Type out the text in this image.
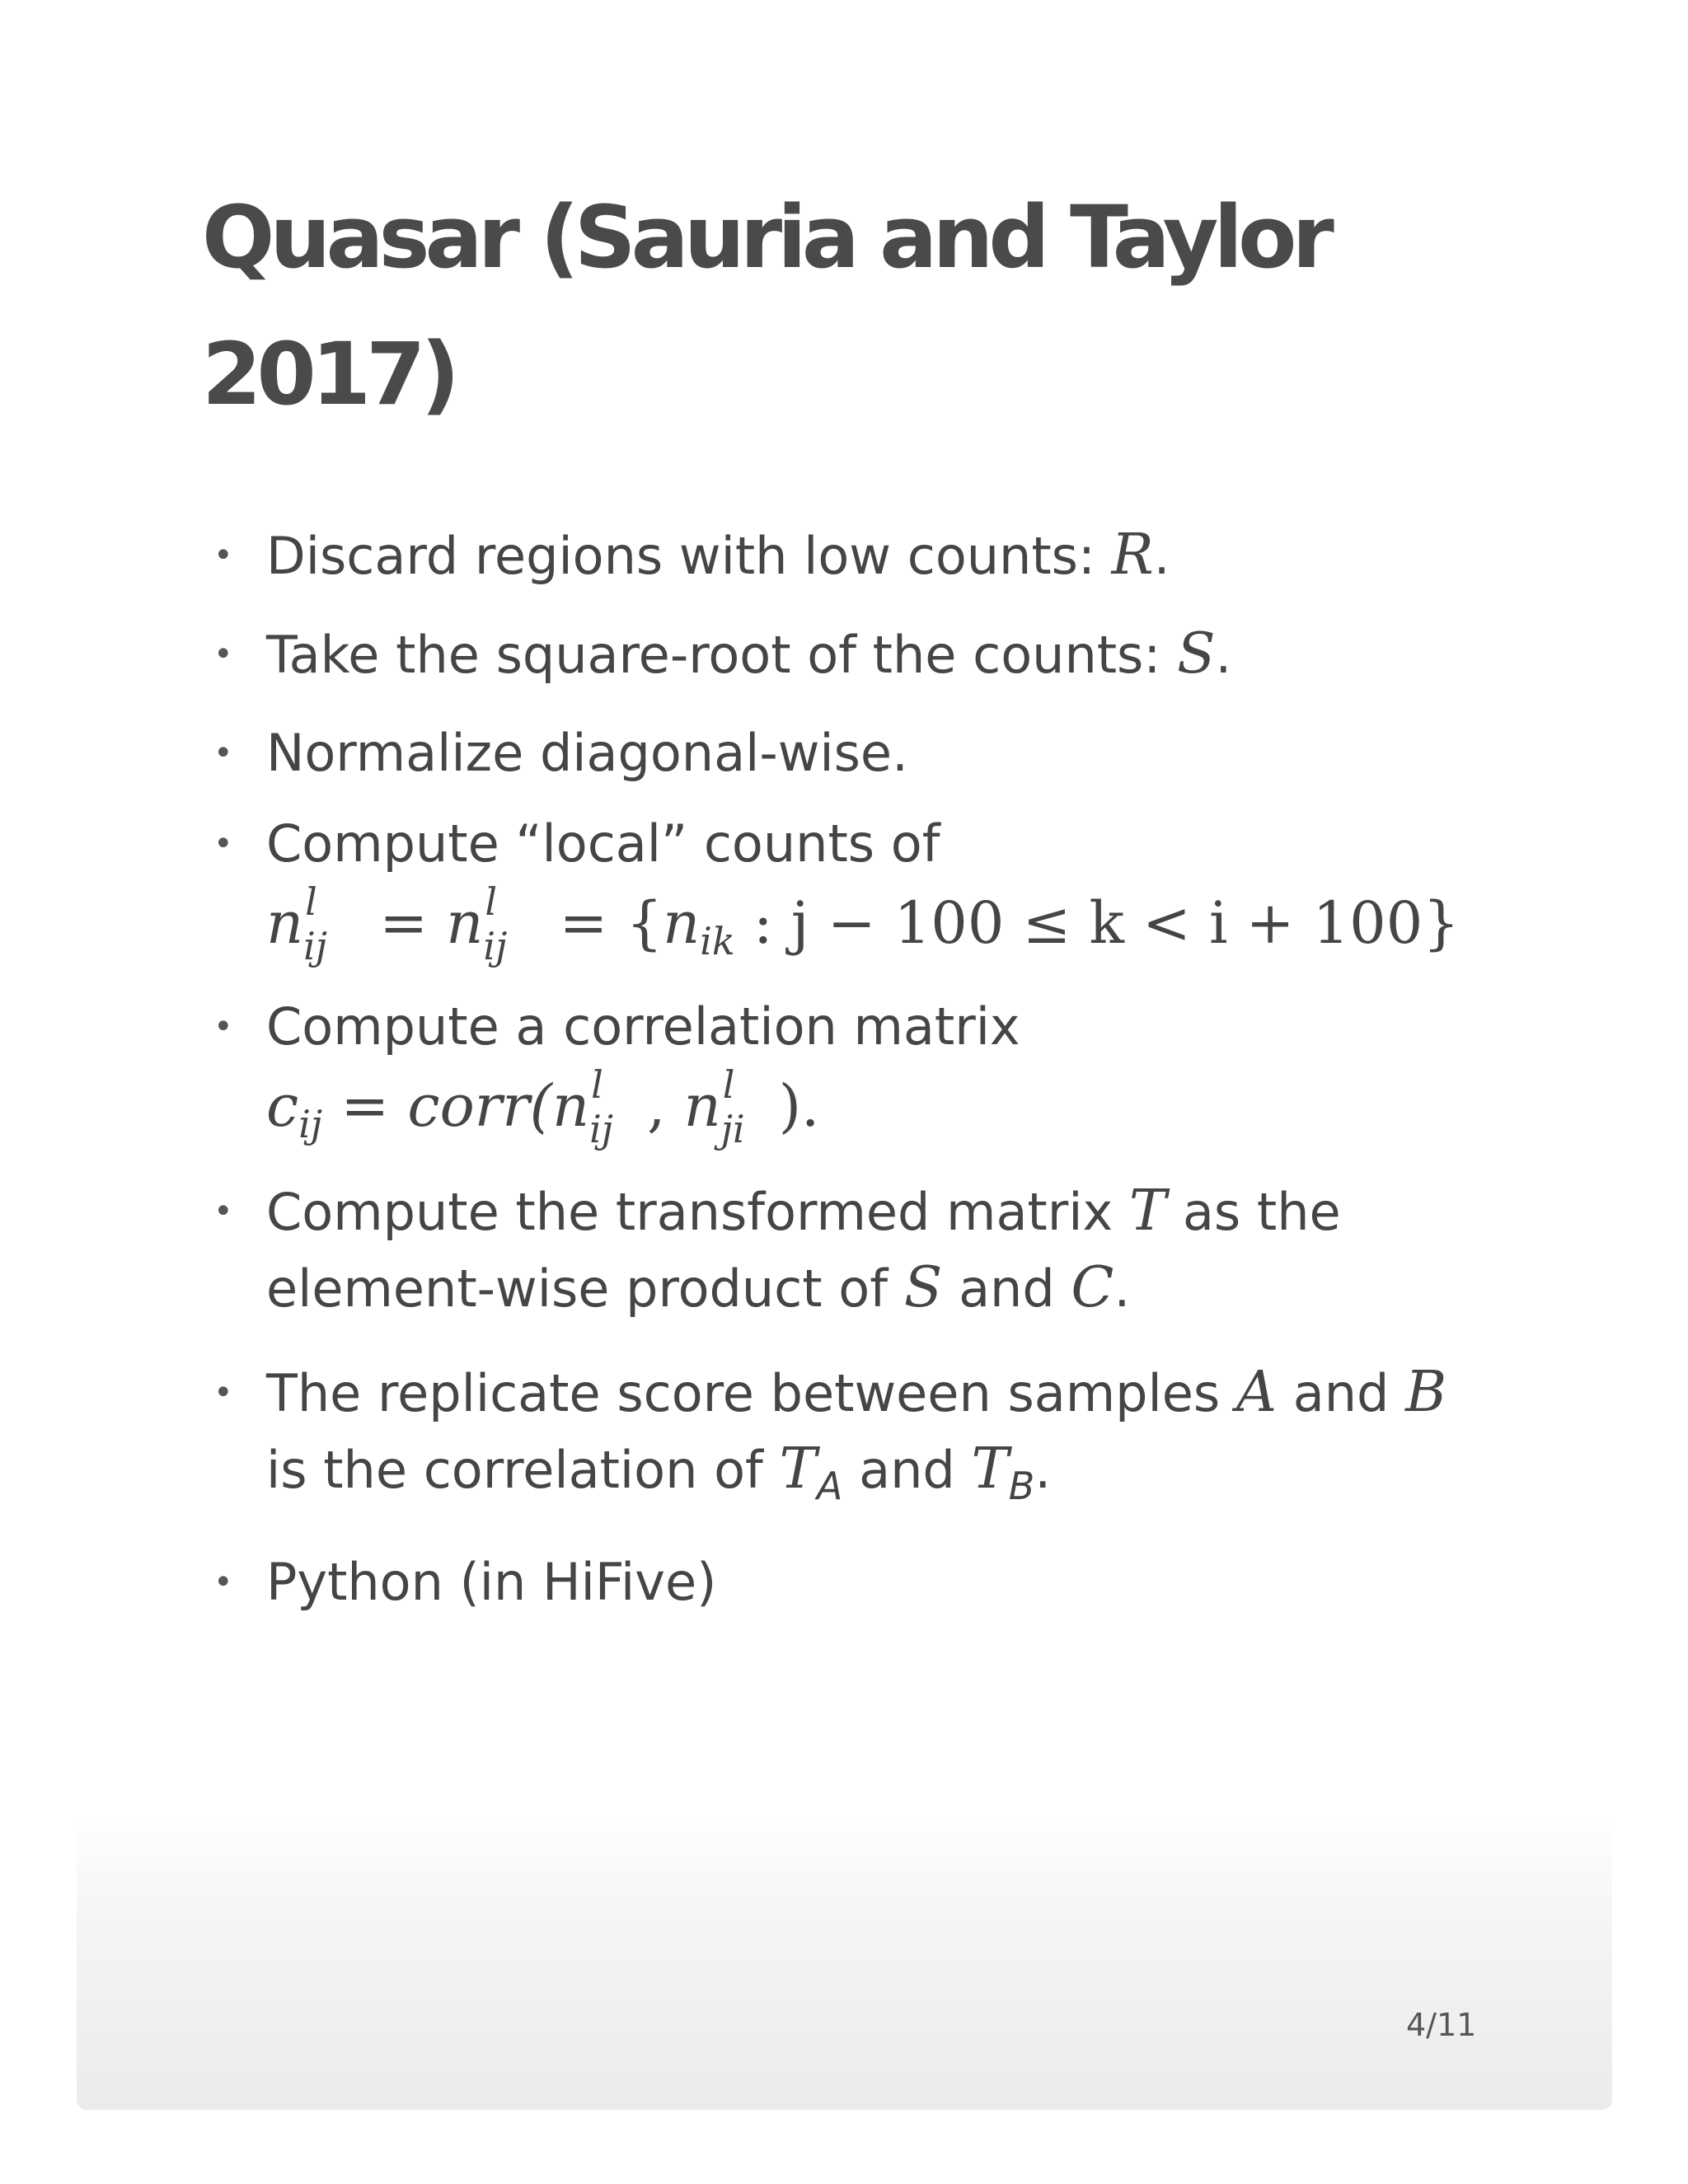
Quasar (Sauria and Taylor 2017)
• Discard regions with low counts: R.
• Take the square-root of the counts: S.
• Normalize diagonal-wise.
• Compute “local” counts of
n l
ij = n l
ij = {$n_{ik}$ : j − 100 ≤ k < i + 100}
• Compute a correlation matrix
$c_{ij}$ = corr(n l
ij , n l
ji ).
• Compute the transformed matrix T as the
element-wise product of S and C.
• The replicate score between samples A and B
is the correlation of $T_A$ and $T_B$.
• Python (in HiFive)
4/11
